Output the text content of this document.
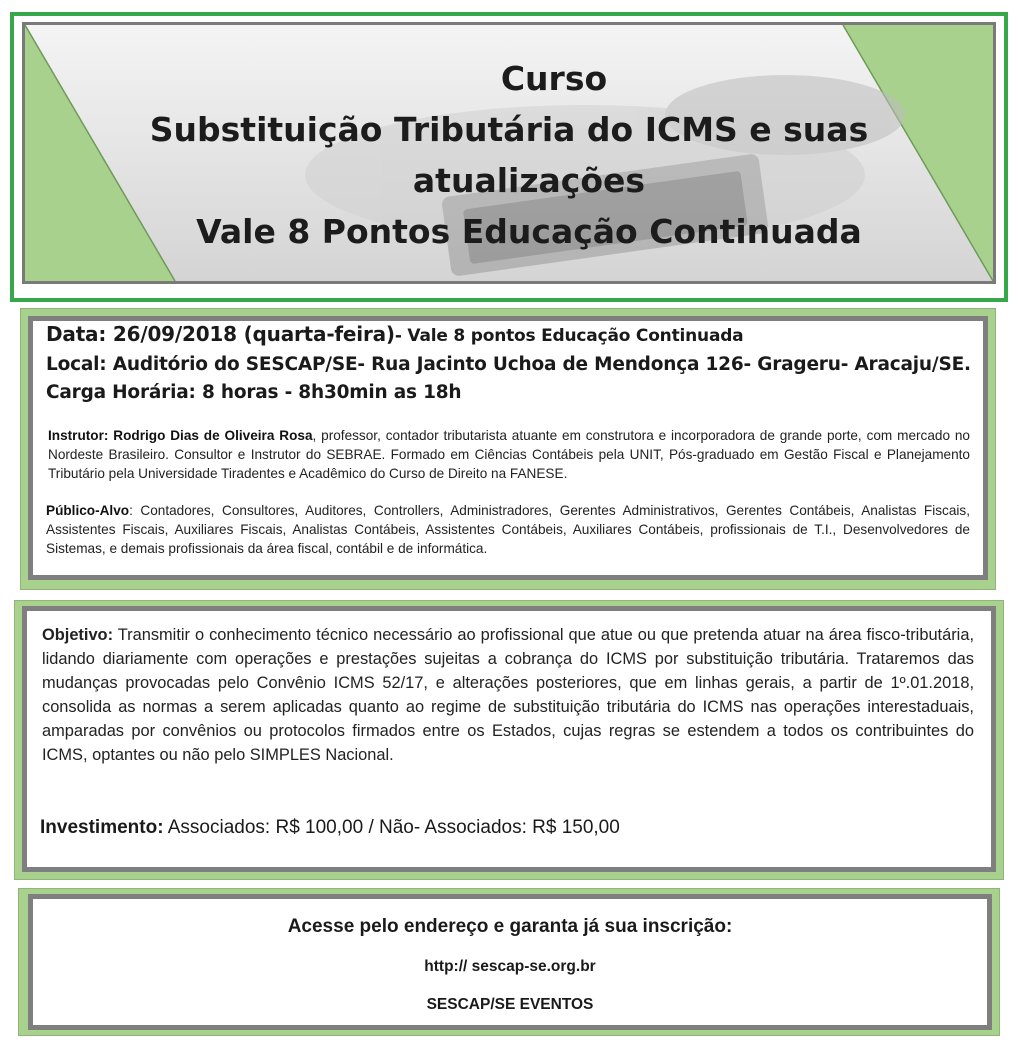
Curso
Substituição Tributária do ICMS e suas
atualizações
Vale 8 Pontos Educação Continuada
Data: 26/09/2018 (quarta-feira)- Vale 8 pontos Educação Continuada
Local: Auditório do SESCAP/SE- Rua Jacinto Uchoa de Mendonça 126- Grageru- Aracaju/SE.
Carga Horária: 8 horas - 8h30min as 18h
Instrutor: Rodrigo Dias de Oliveira Rosa, professor, contador tributarista atuante em construtora e incorporadora de grande porte, com mercado no Nordeste Brasileiro. Consultor e Instrutor do SEBRAE. Formado em Ciências Contábeis pela UNIT, Pós-graduado em Gestão Fiscal e Planejamento Tributário pela Universidade Tiradentes e Acadêmico do Curso de Direito na FANESE.
Público-Alvo: Contadores, Consultores, Auditores, Controllers, Administradores, Gerentes Administrativos, Gerentes Contábeis, Analistas Fiscais, Assistentes Fiscais, Auxiliares Fiscais, Analistas Contábeis, Assistentes Contábeis, Auxiliares Contábeis, profissionais de T.I., Desenvolvedores de Sistemas, e demais profissionais da área fiscal, contábil e de informática.
Objetivo: Transmitir o conhecimento técnico necessário ao profissional que atue ou que pretenda atuar na área fisco-tributária, lidando diariamente com operações e prestações sujeitas a cobrança do ICMS por substituição tributária. Trataremos das mudanças provocadas pelo Convênio ICMS 52/17, e alterações posteriores, que em linhas gerais, a partir de 1º.01.2018, consolida as normas a serem aplicadas quanto ao regime de substituição tributária do ICMS nas operações interestaduais, amparadas por convênios ou protocolos firmados entre os Estados, cujas regras se estendem a todos os contribuintes do ICMS, optantes ou não pelo SIMPLES Nacional.
Investimento: Associados: R$ 100,00 / Não- Associados: R$ 150,00
Acesse pelo endereço e garanta já sua inscrição:
http:// sescap-se.org.br
SESCAP/SE EVENTOS
